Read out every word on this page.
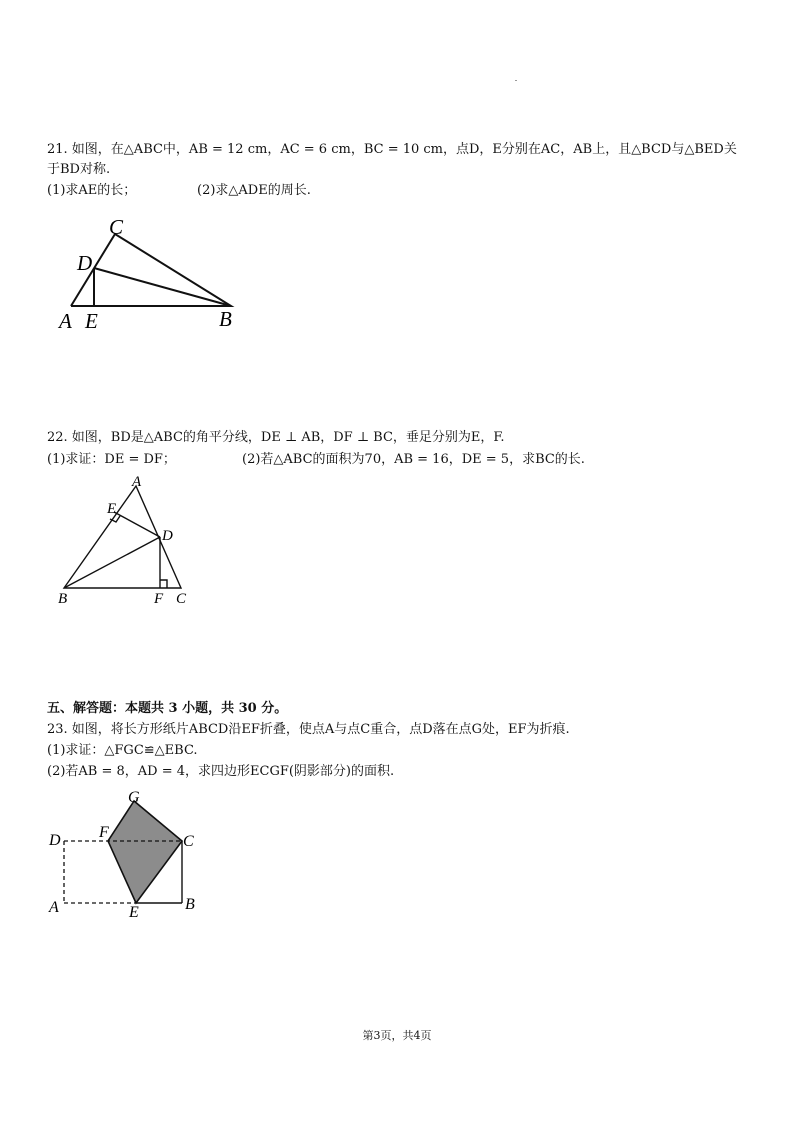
21. 如图，在△ABC中，AB = 12 cm，AC = 6 cm，BC = 10 cm，点D，E分别在AC，AB上，且△BCD与△BED关
于BD对称.
(1)求AE的长；	(2)求△ADE的周长.
C
D
A E	B
22. 如图，BD是△ABC的角平分线，DE ⊥ AB，DF ⊥ BC，垂足分别为E，F.
(1)求证：DE = DF；	(2)若△ABC的面积为70，AB = 16，DE = 5，求BC的长.
A
E
D
B	F C
五、解答题：本题共 3 小题，共 30 分。
23. 如图，将长方形纸片ABCD沿EF折叠，使点A与点C重合，点D落在点G处，EF为折痕.
(1)求证：△FGC≌△EBC.
(2)若AB = 8，AD = 4，求四边形ECGF(阴影部分)的面积.
G
F
D	C
A	E	B
第3页，共4页
